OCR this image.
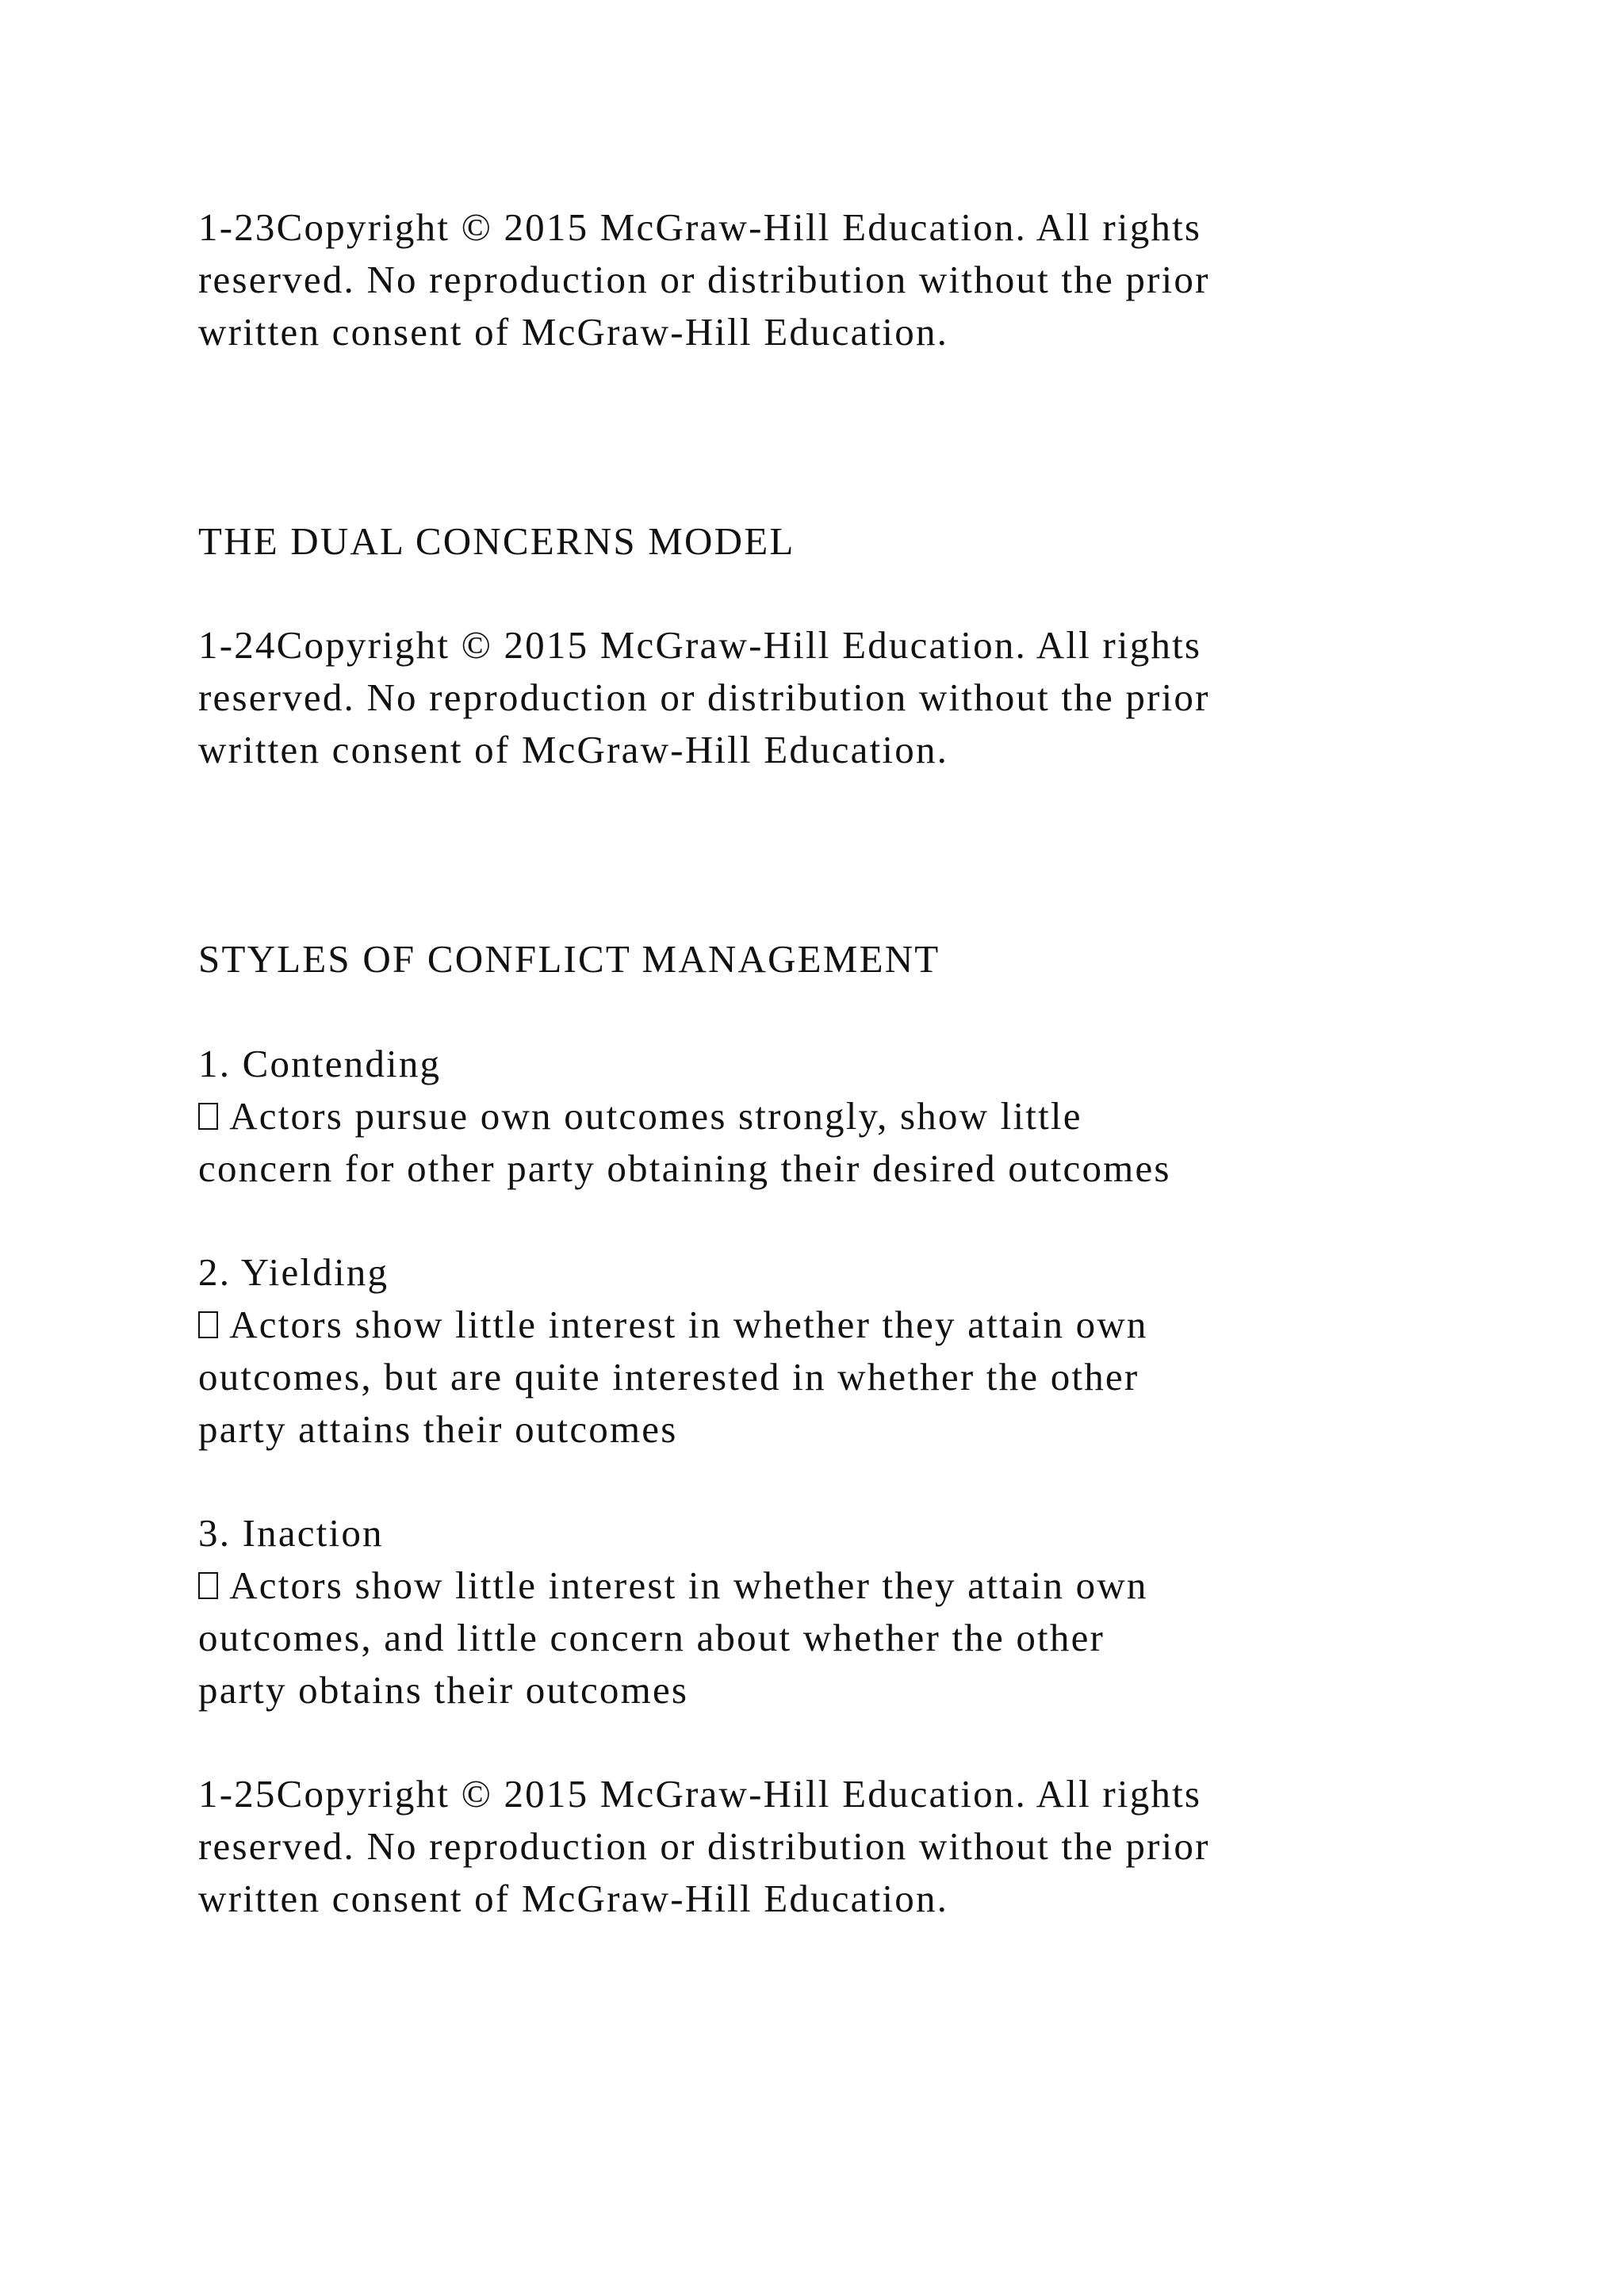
1-23Copyright © 2015 McGraw-Hill Education. All rights
reserved. No reproduction or distribution without the prior
written consent of McGraw-Hill Education.
THE DUAL CONCERNS MODEL
1-24Copyright © 2015 McGraw-Hill Education. All rights
reserved. No reproduction or distribution without the prior
written consent of McGraw-Hill Education.
STYLES OF CONFLICT MANAGEMENT
1. Contending
Actors pursue own outcomes strongly, show little
concern for other party obtaining their desired outcomes
2. Yielding
Actors show little interest in whether they attain own
outcomes, but are quite interested in whether the other
party attains their outcomes
3. Inaction
Actors show little interest in whether they attain own
outcomes, and little concern about whether the other
party obtains their outcomes
1-25Copyright © 2015 McGraw-Hill Education. All rights
reserved. No reproduction or distribution without the prior
written consent of McGraw-Hill Education.
